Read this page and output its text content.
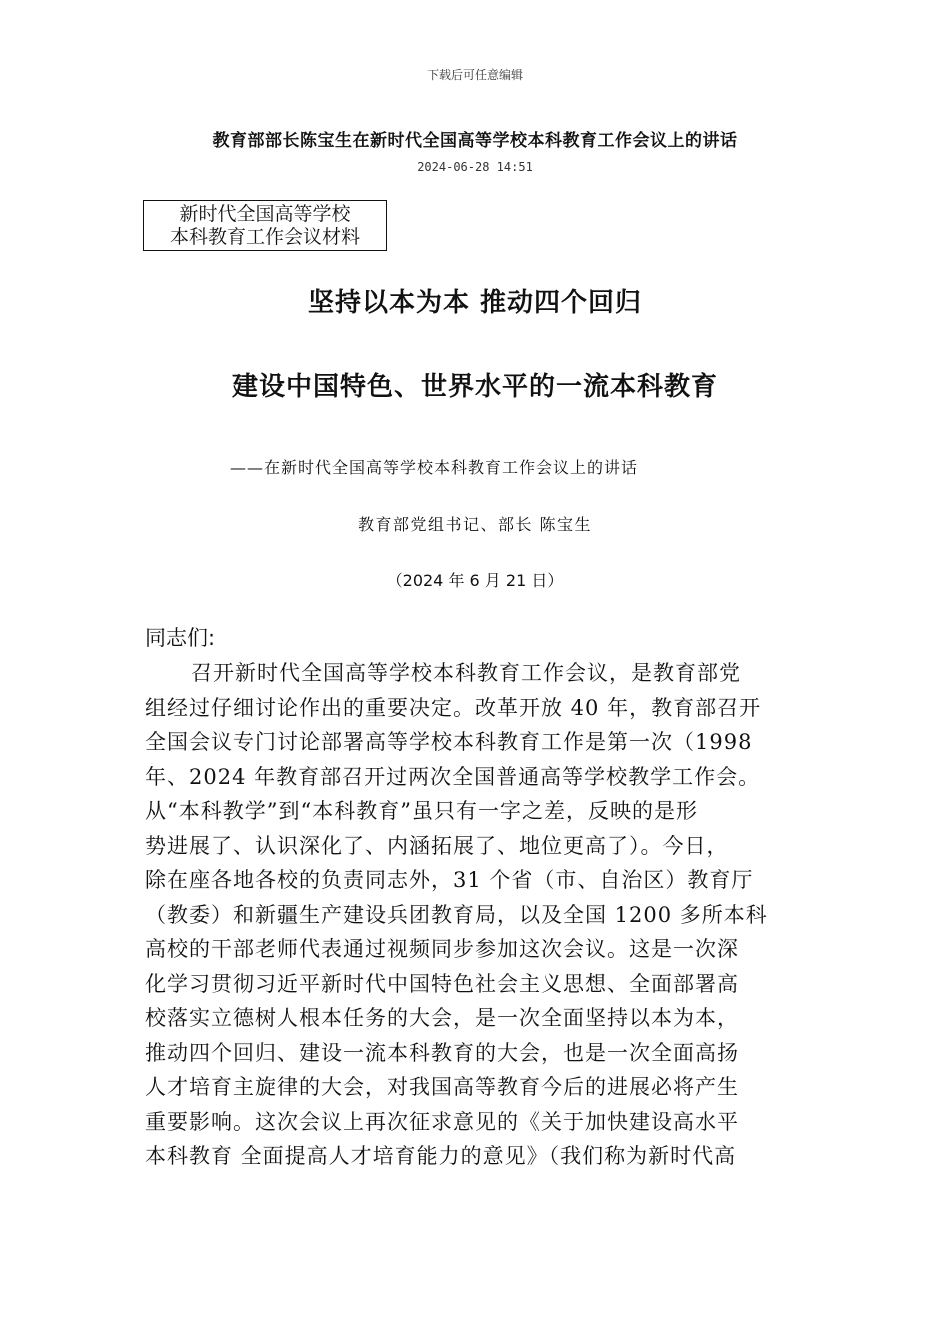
下载后可任意编辑
教育部部长陈宝生在新时代全国高等学校本科教育工作会议上的讲话
2024-06-28 14:51
新时代全国高等学校
本科教育工作会议材料
坚持以本为本 推动四个回归
建设中国特色、世界水平的一流本科教育
——在新时代全国高等学校本科教育工作会议上的讲话
教育部党组书记、部长 陈宝生
（2024 年 6 月 21 日）
同志们:
召开新时代全国高等学校本科教育工作会议，是教育部党
组经过仔细讨论作出的重要决定。改革开放 40 年，教育部召开
全国会议专门讨论部署高等学校本科教育工作是第一次（1998
年、2024 年教育部召开过两次全国普通高等学校教学工作会。
从“本科教学”到“本科教育”虽只有一字之差，反映的是形
势进展了、认识深化了、内涵拓展了、地位更高了）。今日，
除在座各地各校的负责同志外，31 个省（市、自治区）教育厅
（教委）和新疆生产建设兵团教育局，以及全国 1200 多所本科
高校的干部老师代表通过视频同步参加这次会议。这是一次深
化学习贯彻习近平新时代中国特色社会主义思想、全面部署高
校落实立德树人根本任务的大会，是一次全面坚持以本为本，
推动四个回归、建设一流本科教育的大会，也是一次全面高扬
人才培育主旋律的大会，对我国高等教育今后的进展必将产生
重要影响。这次会议上再次征求意见的《关于加快建设高水平
本科教育 全面提高人才培育能力的意见》（我们称为新时代高
